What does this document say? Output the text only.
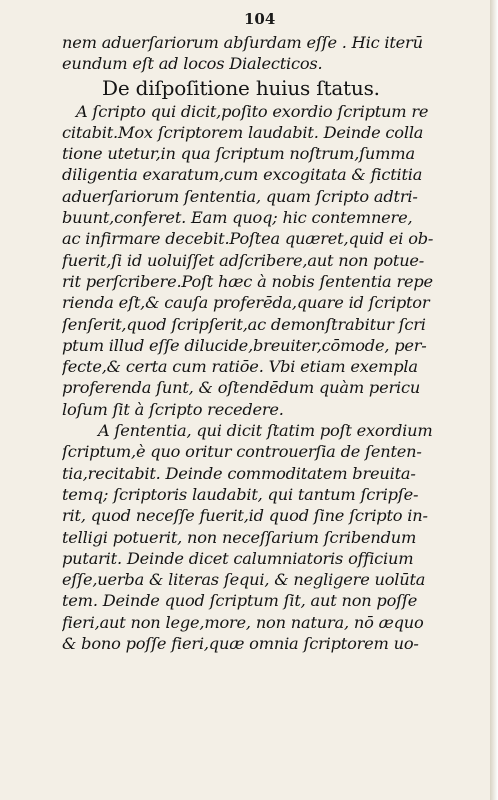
104
nem aduerſariorum abſurdam eſſe . Hic iterū
eundum eſt ad locos Dialecticos.
De diſpoſitione huius ſtatus.
A ſcripto qui dicit,poſito exordio ſcriptum re
citabit.Mox ſcriptorem laudabit. Deinde colla
tione utetur,in qua ſcriptum noſtrum,ſumma
diligentia exaratum,cum excogitata & fictitia
aduerſariorum ſententia, quam ſcripto adtri-
buunt,conferet. Eam quoq; hic contemnere,
ac infirmare decebit.Poſtea quæret,quid ei ob-
fuerit,ſi id uoluiſſet adſcribere,aut non potue-
rit perſcribere.Poſt hæc à nobis ſententia repe
rienda eſt,& cauſa proferēda,quare id ſcriptor
ſenſerit,quod ſcripſerit,ac demonſtrabitur ſcri
ptum illud eſſe dilucide,breuiter,cōmode, per-
fecte,& certa cum ratiōe. Vbi etiam exempla
proferenda ſunt, & oſtendēdum quàm pericu
loſum ſit à ſcripto recedere.
A ſententia, qui dicit ſtatim poſt exordium
ſcriptum,è quo oritur controuerſia de ſenten-
tia,recitabit. Deinde commoditatem breuita-
temq; ſcriptoris laudabit, qui tantum ſcripſe-
rit, quod neceſſe fuerit,id quod ſine ſcripto in-
telligi potuerit, non neceſſarium ſcribendum
putarit. Deinde dicet calumniatoris officium
eſſe,uerba & literas ſequi, & negligere uolūta
tem. Deinde quod ſcriptum ſit, aut non poſſe
fieri,aut non lege,more, non natura, nō æquo
& bono poſſe fieri,quæ omnia ſcriptorem uo-
